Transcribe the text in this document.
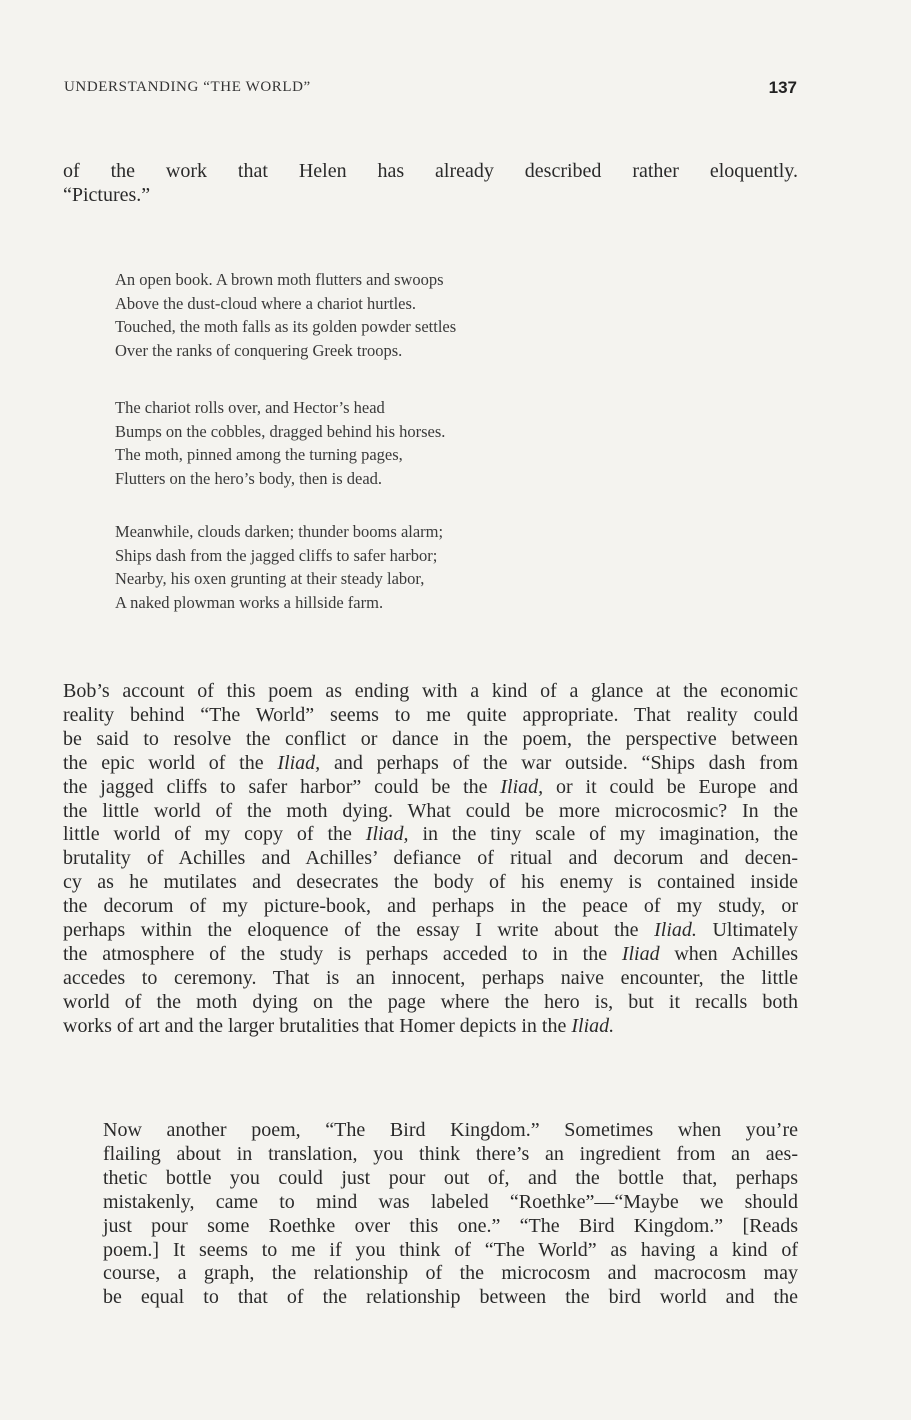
UNDERSTANDING “THE WORLD”	137

of the work that Helen has already described rather eloquently.
“Pictures.”

An open book. A brown moth flutters and swoops
Above the dust-cloud where a chariot hurtles.
Touched, the moth falls as its golden powder settles
Over the ranks of conquering Greek troops.
The chariot rolls over, and Hector’s head
Bumps on the cobbles, dragged behind his horses.
The moth, pinned among the turning pages,
Flutters on the hero’s body, then is dead.
Meanwhile, clouds darken; thunder booms alarm;
Ships dash from the jagged cliffs to safer harbor;
Nearby, his oxen grunting at their steady labor,
A naked plowman works a hillside farm.

Bob’s account of this poem as ending with a kind of a glance at the economic
reality behind “The World” seems to me quite appropriate. That reality could
be said to resolve the conflict or dance in the poem, the perspective between
the epic world of the Iliad, and perhaps of the war outside. “Ships dash from
the jagged cliffs to safer harbor” could be the Iliad, or it could be Europe and
the little world of the moth dying. What could be more microcosmic? In the
little world of my copy of the Iliad, in the tiny scale of my imagination, the
brutality of Achilles and Achilles’ defiance of ritual and decorum and decen-
cy as he mutilates and desecrates the body of his enemy is contained inside
the decorum of my picture-book, and perhaps in the peace of my study, or
perhaps within the eloquence of the essay I write about the Iliad. Ultimately
the atmosphere of the study is perhaps acceded to in the Iliad when Achilles
accedes to ceremony. That is an innocent, perhaps naive encounter, the little
world of the moth dying on the page where the hero is, but it recalls both
works of art and the larger brutalities that Homer depicts in the Iliad.

Now another poem, “The Bird Kingdom.” Sometimes when you’re
flailing about in translation, you think there’s an ingredient from an aes-
thetic bottle you could just pour out of, and the bottle that, perhaps
mistakenly, came to mind was labeled “Roethke”—“Maybe we should
just pour some Roethke over this one.” “The Bird Kingdom.” [Reads
poem.] It seems to me if you think of “The World” as having a kind of
course, a graph, the relationship of the microcosm and macrocosm may
be equal to that of the relationship between the bird world and the
